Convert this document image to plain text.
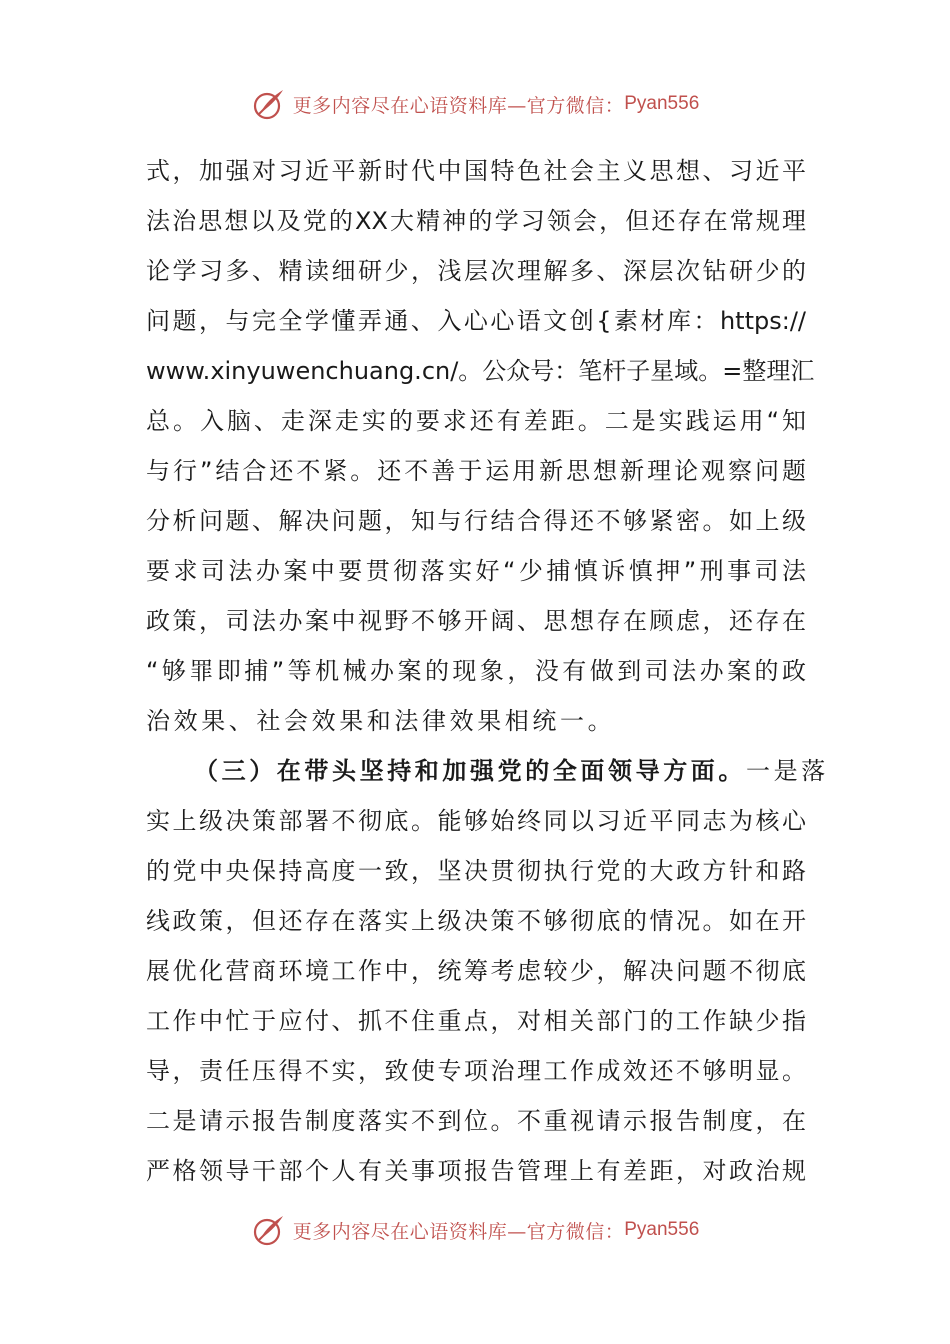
更多内容尽在心语资料库—官方微信： Pyan556
式，加强对习近平新时代中国特色社会主义思想、习近平
法治思想以及党的XX大精神的学习领会，但还存在常规理
论学习多、精读细研少，浅层次理解多、深层次钻研少的
问题，与完全学懂弄通、入心心语文创{素材库：https://
www.xinyuwenchuang.cn/。公众号：笔杆子星域。=整理汇
总。入脑、走深走实的要求还有差距。二是实践运用“知
与行”结合还不紧。还不善于运用新思想新理论观察问题
分析问题、解决问题，知与行结合得还不够紧密。如上级
要求司法办案中要贯彻落实好“少捕慎诉慎押”刑事司法
政策，司法办案中视野不够开阔、思想存在顾虑，还存在
“够罪即捕”等机械办案的现象，没有做到司法办案的政
治效果、社会效果和法律效果相统一。
（三）在带头坚持和加强党的全面领导方面。一是落
实上级决策部署不彻底。能够始终同以习近平同志为核心
的党中央保持高度一致，坚决贯彻执行党的大政方针和路
线政策，但还存在落实上级决策不够彻底的情况。如在开
展优化营商环境工作中，统筹考虑较少，解决问题不彻底
工作中忙于应付、抓不住重点，对相关部门的工作缺少指
导，责任压得不实，致使专项治理工作成效还不够明显。
二是请示报告制度落实不到位。不重视请示报告制度，在
严格领导干部个人有关事项报告管理上有差距，对政治规
更多内容尽在心语资料库—官方微信： Pyan556
